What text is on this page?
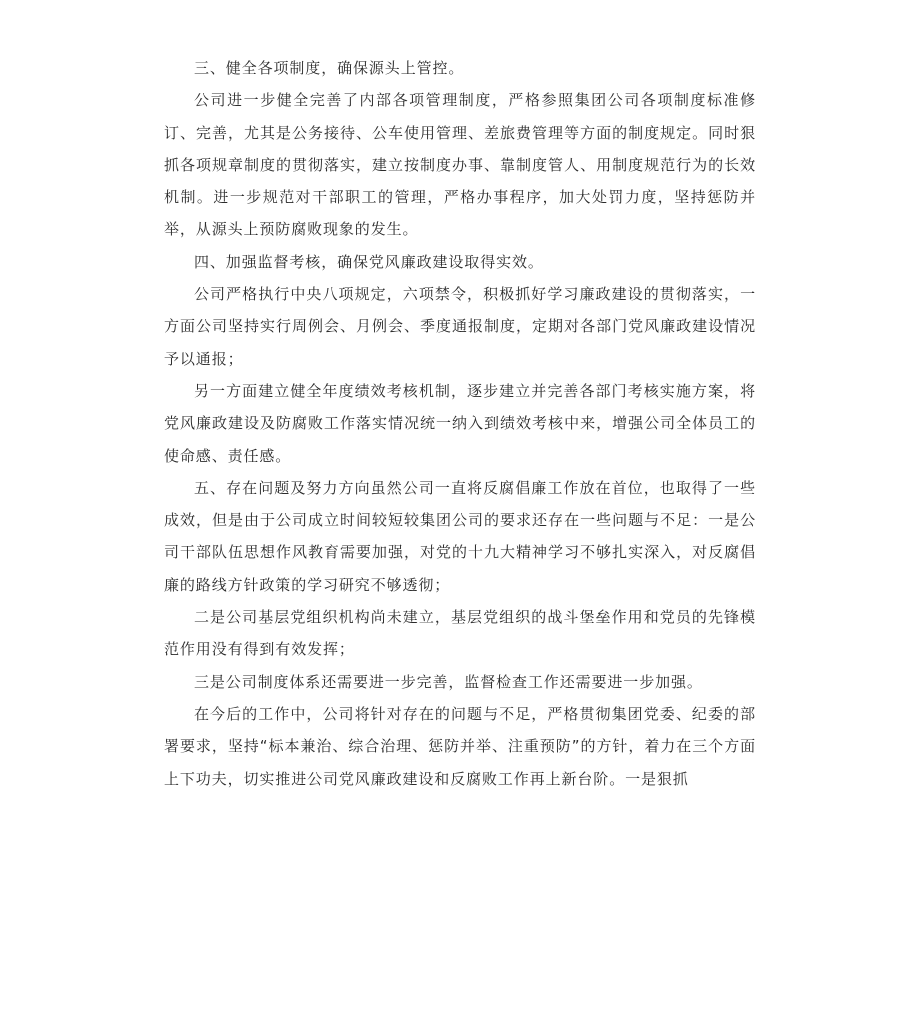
三、健全各项制度，确保源头上管控。

公司进一步健全完善了内部各项管理制度，严格参照集团公司各项制度标准修订、完善，尤其是公务接待、公车使用管理、差旅费管理等方面的制度规定。同时狠抓各项规章制度的贯彻落实，建立按制度办事、靠制度管人、用制度规范行为的长效机制。进一步规范对干部职工的管理，严格办事程序，加大处罚力度，坚持惩防并举，从源头上预防腐败现象的发生。

四、加强监督考核，确保党风廉政建设取得实效。

公司严格执行中央八项规定，六项禁令，积极抓好学习廉政建设的贯彻落实，一方面公司坚持实行周例会、月例会、季度通报制度，定期对各部门党风廉政建设情况予以通报；

另一方面建立健全年度绩效考核机制，逐步建立并完善各部门考核实施方案，将党风廉政建设及防腐败工作落实情况统一纳入到绩效考核中来，增强公司全体员工的使命感、责任感。

五、存在问题及努力方向虽然公司一直将反腐倡廉工作放在首位，也取得了一些成效，但是由于公司成立时间较短较集团公司的要求还存在一些问题与不足：一是公司干部队伍思想作风教育需要加强，对党的十九大精神学习不够扎实深入，对反腐倡廉的路线方针政策的学习研究不够透彻；

二是公司基层党组织机构尚未建立，基层党组织的战斗堡垒作用和党员的先锋模范作用没有得到有效发挥；

三是公司制度体系还需要进一步完善，监督检查工作还需要进一步加强。

在今后的工作中，公司将针对存在的问题与不足，严格贯彻集团党委、纪委的部署要求，坚持“标本兼治、综合治理、惩防并举、注重预防”的方针，着力在三个方面上下功夫，切实推进公司党风廉政建设和反腐败工作再上新台阶。一是狠抓
